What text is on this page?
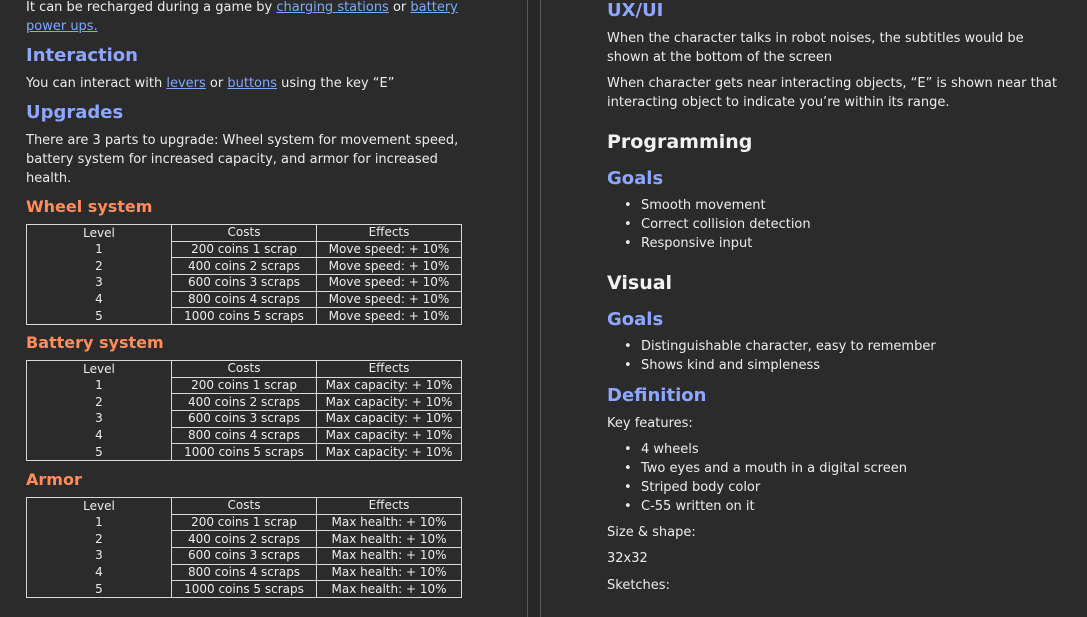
It can be recharged during a game by charging stations or battery
power ups.
Interaction
You can interact with levers or buttons using the key “E”
Upgrades
There are 3 parts to upgrade: Wheel system for movement speed,
battery system for increased capacity, and armor for increased
health.
Wheel system
Level	Costs	Effects
1	200 coins 1 scrap	Move speed: + 10%
2	400 coins 2 scraps	Move speed: + 10%
3	600 coins 3 scraps	Move speed: + 10%
4	800 coins 4 scraps	Move speed: + 10%
5	1000 coins 5 scraps	Move speed: + 10%
Battery system
Level	Costs	Effects
1	200 coins 1 scrap	Max capacity: + 10%
2	400 coins 2 scraps	Max capacity: + 10%
3	600 coins 3 scraps	Max capacity: + 10%
4	800 coins 4 scraps	Max capacity: + 10%
5	1000 coins 5 scraps	Max capacity: + 10%
Armor
Level	Costs	Effects
1	200 coins 1 scrap	Max health: + 10%
2	400 coins 2 scraps	Max health: + 10%
3	600 coins 3 scraps	Max health: + 10%
4	800 coins 4 scraps	Max health: + 10%
5	1000 coins 5 scraps	Max health: + 10%
UX/UI
When the character talks in robot noises, the subtitles would be
shown at the bottom of the screen
When character gets near interacting objects, “E” is shown near that
interacting object to indicate you’re within its range.
Programming
Goals
• Smooth movement
• Correct collision detection
• Responsive input
Visual
Goals
• Distinguishable character, easy to remember
• Shows kind and simpleness
Definition
Key features:
• 4 wheels
• Two eyes and a mouth in a digital screen
• Striped body color
• C-55 written on it
Size & shape:
32x32
Sketches:
